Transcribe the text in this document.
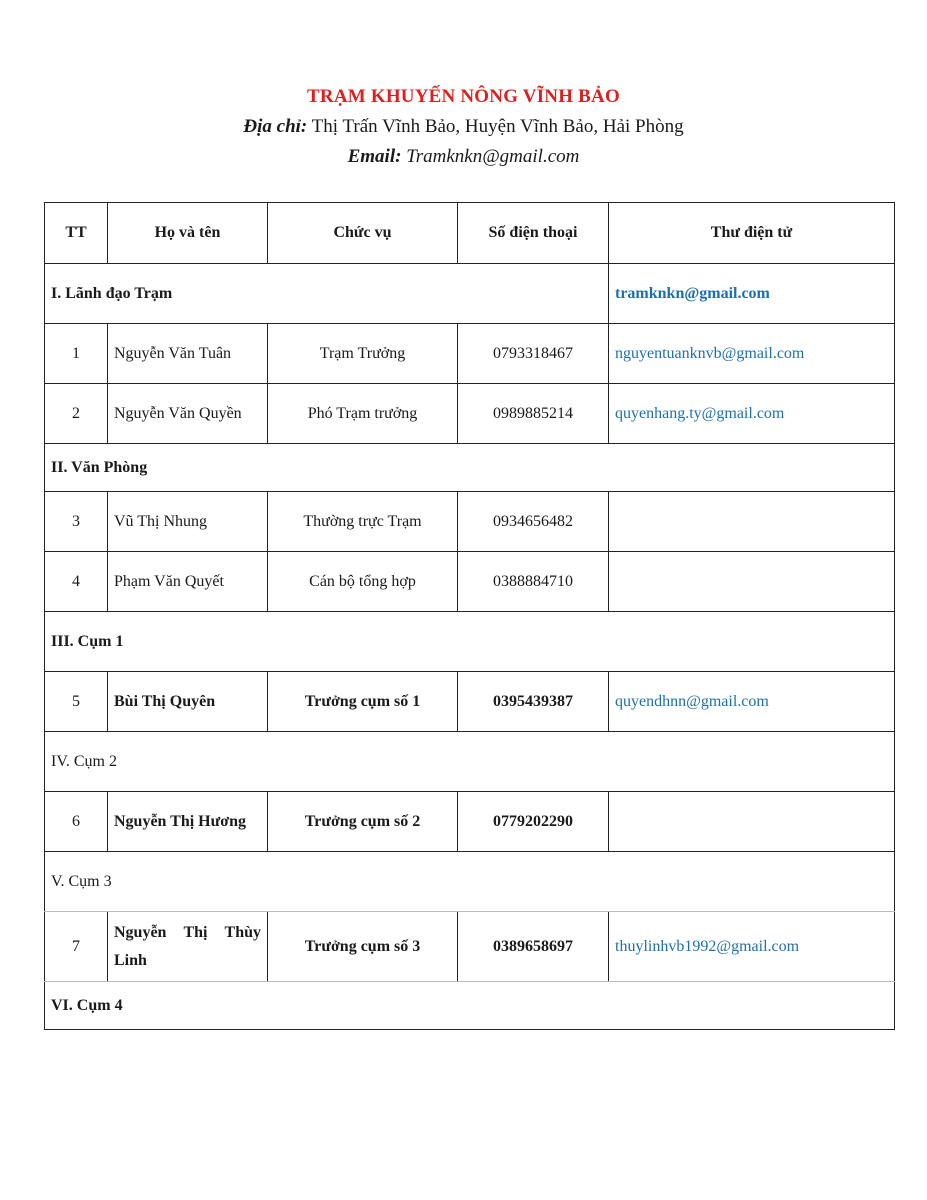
TRẠM KHUYẾN NÔNG VĨNH BẢO
Địa chỉ: Thị Trấn Vĩnh Bảo, Huyện Vĩnh Bảo, Hải Phòng
Email: Tramknkn@gmail.com
TT	Họ và tên	Chức vụ	Số điện thoại	Thư điện tử
I. Lãnh đạo Trạm				tramknkn@gmail.com
1	Nguyễn Văn Tuân	Trạm Trưởng	0793318467	nguyentuanknvb@gmail.com
2	Nguyễn Văn Quyền	Phó Trạm trưởng	0989885214	quyenhang.ty@gmail.com
II. Văn Phòng				
3	Vũ Thị Nhung	Thường trực Trạm	0934656482	
4	Phạm Văn Quyết	Cán bộ tổng hợp	0388884710	
III. Cụm 1				
5	Bùi Thị Quyên	Trưởng cụm số 1	0395439387	quyendhnn@gmail.com
IV. Cụm 2				
6	Nguyễn Thị Hương	Trưởng cụm số 2	0779202290	
V. Cụm 3				
7	Nguyễn Thị Thùy Linh	Trưởng cụm số 3	0389658697	thuylinhvb1992@gmail.com
VI. Cụm 4				
